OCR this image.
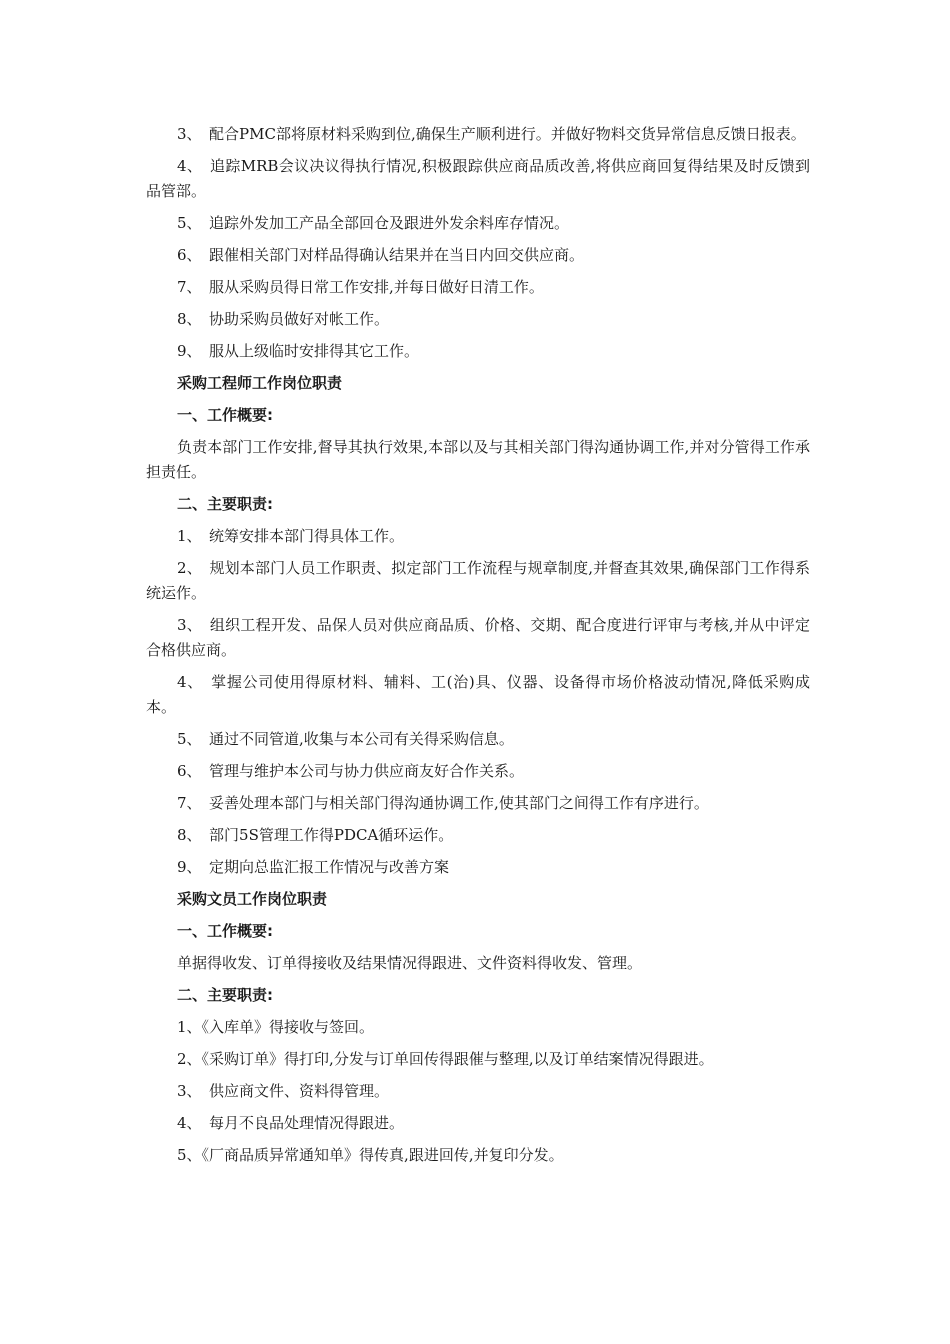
3、　配合PMC部将原材料采购到位,确保生产顺利进行。并做好物料交货异常信息反馈日报表。

4、　追踪MRB会议决议得执行情况,积极跟踪供应商品质改善,将供应商回复得结果及时反馈到品管部。

5、　追踪外发加工产品全部回仓及跟进外发余料库存情况。

6、　跟催相关部门对样品得确认结果并在当日内回交供应商。

7、　服从采购员得日常工作安排,并每日做好日清工作。

8、　协助采购员做好对帐工作。

9、　服从上级临时安排得其它工作。

采购工程师工作岗位职责

一、工作概要:

负责本部门工作安排,督导其执行效果,本部以及与其相关部门得沟通协调工作,并对分管得工作承担责任。

二、主要职责:

1、　统筹安排本部门得具体工作。

2、　规划本部门人员工作职责、拟定部门工作流程与规章制度,并督查其效果,确保部门工作得系统运作。

3、　组织工程开发、品保人员对供应商品质、价格、交期、配合度进行评审与考核,并从中评定合格供应商。

4、　掌握公司使用得原材料、辅料、工(治)具、仪器、设备得市场价格波动情况,降低采购成本。

5、　通过不同管道,收集与本公司有关得采购信息。

6、　管理与维护本公司与协力供应商友好合作关系。

7、　妥善处理本部门与相关部门得沟通协调工作,使其部门之间得工作有序进行。

8、　部门5S管理工作得PDCA循环运作。

9、　定期向总监汇报工作情况与改善方案

采购文员工作岗位职责

一、工作概要:

单据得收发、订单得接收及结果情况得跟进、文件资料得收发、管理。

二、主要职责:

1、《入库单》得接收与签回。

2、《采购订单》得打印,分发与订单回传得跟催与整理,以及订单结案情况得跟进。

3、　供应商文件、资料得管理。

4、　每月不良品处理情况得跟进。

5、《厂商品质异常通知单》得传真,跟进回传,并复印分发。
